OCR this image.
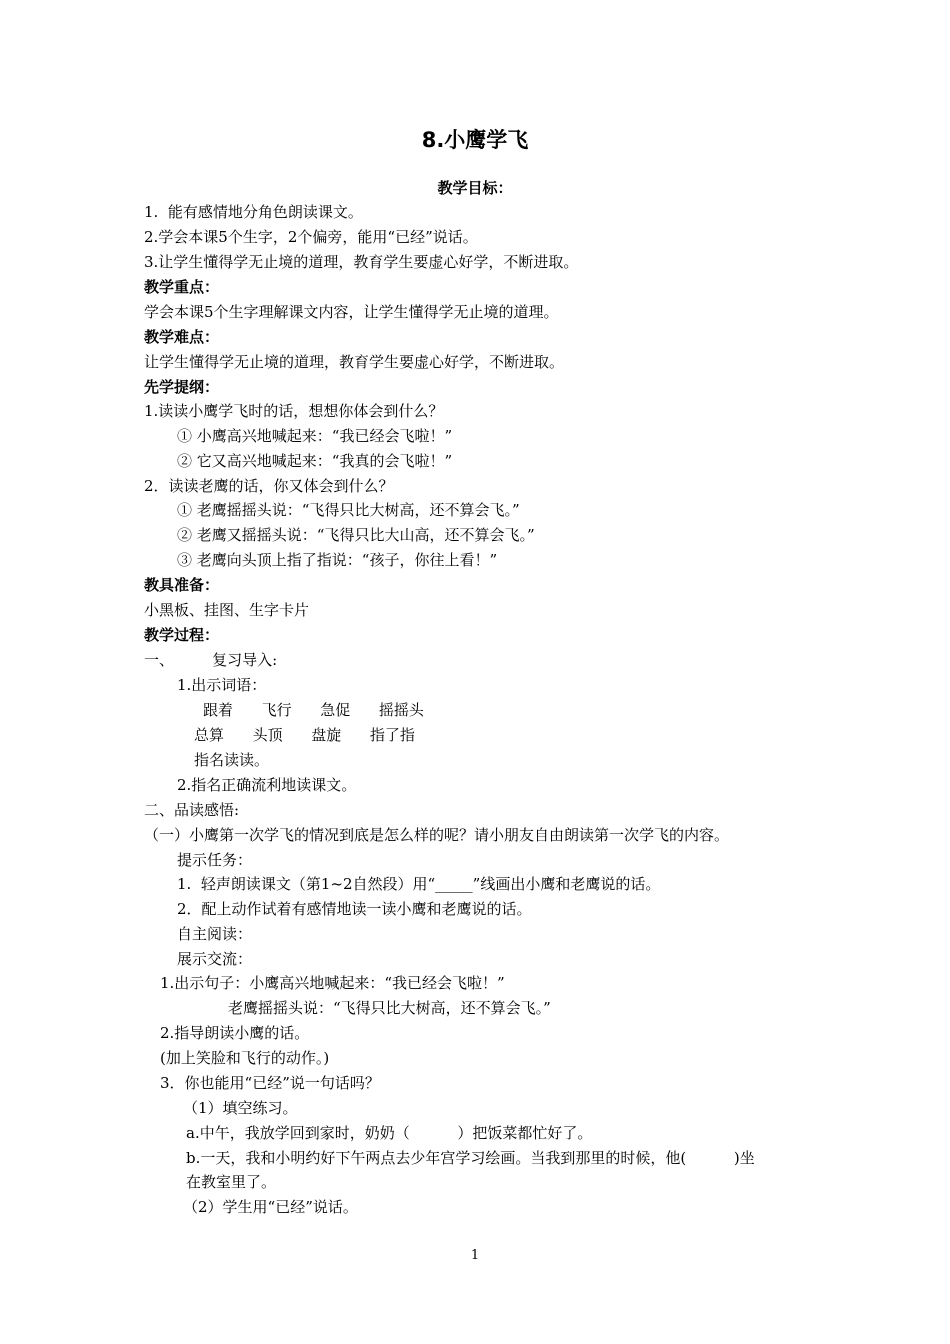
8.小鹰学飞
教学目标：
1.  能有感情地分角色朗读课文。
2.学会本课5个生字，2个偏旁，能用“已经”说话。
3.让学生懂得学无止境的道理，教育学生要虚心好学，不断进取。
教学重点：
学会本课5个生字理解课文内容，让学生懂得学无止境的道理。
教学难点：
让学生懂得学无止境的道理，教育学生要虚心好学，不断进取。
先学提纲：
1.读读小鹰学飞时的话，想想你体会到什么？
① 小鹰高兴地喊起来：“我已经会飞啦！”
② 它又高兴地喊起来：“我真的会飞啦！”
2．读读老鹰的话，你又体会到什么？
① 老鹰摇摇头说：“飞得只比大树高，还不算会飞。”
② 老鹰又摇摇头说：“飞得只比大山高，还不算会飞。”
③ 老鹰向头顶上指了指说：“孩子，你往上看！”
教具准备：
小黑板、挂图、生字卡片
教学过程：
一、        复习导入:
1.出示词语：
跟着      飞行      急促      摇摇头
总算      头顶      盘旋      指了指
指名读读。
2.指名正确流利地读课文。
二、品读感悟:
（一）小鹰第一次学飞的情况到底是怎么样的呢？请小朋友自由朗读第一次学飞的内容。
提示任务：
1.  轻声朗读课文（第1~2自然段）用“_____”线画出小鹰和老鹰说的话。
2．配上动作试着有感情地读一读小鹰和老鹰说的话。
自主阅读：
展示交流：
1.出示句子：小鹰高兴地喊起来：“我已经会飞啦！”
老鹰摇摇头说：“飞得只比大树高，还不算会飞。”
2.指导朗读小鹰的话。
(加上笑脸和飞行的动作。)
3．你也能用“已经”说一句话吗？
（1）填空练习。
a.中午，我放学回到家时，奶奶（          ）把饭菜都忙好了。
b.一天，我和小明约好下午两点去少年宫学习绘画。当我到那里的时候，他(          )坐
在教室里了。
（2）学生用“已经”说话。
1
